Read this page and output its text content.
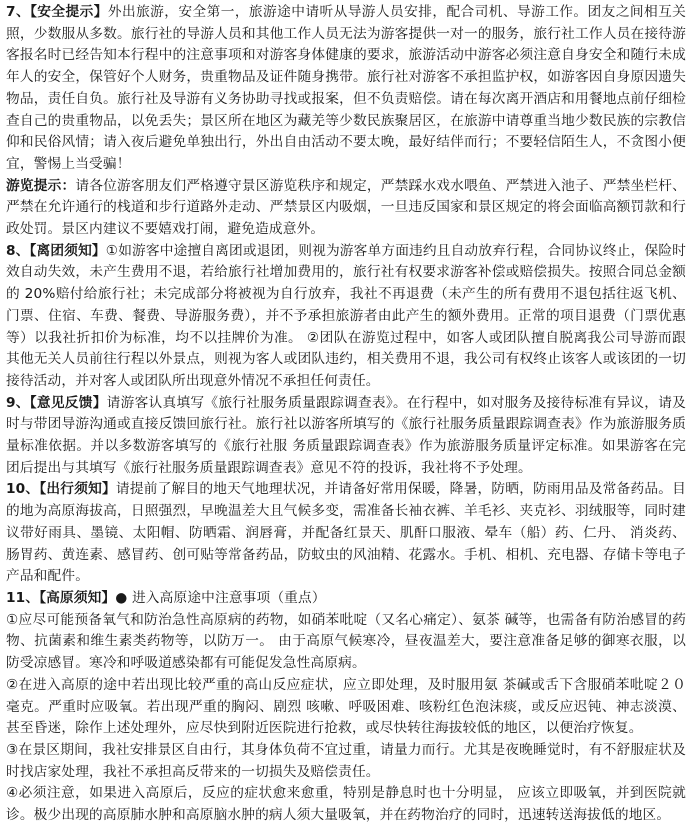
7、【安全提示】外出旅游，安全第一，旅游途中请听从导游人员安排，配合司机、导游工作。团友之间相互关照，少数服从多数。旅行社的导游人员和其他工作人员无法为游客提供一对一的服务，旅行社工作人员在接待游客报名时已经告知本行程中的注意事项和对游客身体健康的要求，旅游活动中游客必须注意自身安全和随行未成年人的安全，保管好个人财务，贵重物品及证件随身携带。旅行社对游客不承担监护权，如游客因自身原因遗失物品，责任自负。旅行社及导游有义务协助寻找或报案，但不负责赔偿。请在每次离开酒店和用餐地点前仔细检查自己的贵重物品，以免丢失；景区所在地区为藏羌等少数民族聚居区，在旅游中请尊重当地少数民族的宗教信仰和民俗风情；请入夜后避免单独出行，外出自由活动不要太晚，最好结伴而行；不要轻信陌生人，不贪图小便宜，警惕上当受骗！

游览提示：请各位游客朋友们严格遵守景区游览秩序和规定，严禁踩水戏水喂鱼、严禁进入池子、严禁坐栏杆、严禁在允许通行的栈道和步行道路外走动、严禁景区内吸烟，一旦违反国家和景区规定的将会面临高额罚款和行政处罚。景区内建议不要嬉戏打闹，避免造成意外。

8、【离团须知】①如游客中途擅自离团或退团，则视为游客单方面违约且自动放弃行程，合同协议终止，保险时效自动失效，未产生费用不退，若给旅行社增加费用的，旅行社有权要求游客补偿或赔偿损失。按照合同总金额的 20%赔付给旅行社；未完成部分将被视为自行放弃，我社不再退费（未产生的所有费用不退包括往返飞机、门票、住宿、车费、餐费、导游服务费），并不予承担旅游者由此产生的额外费用。正常的项目退费（门票优惠等）以我社折扣价为标准，均不以挂牌价为准。 ②团队在游览过程中，如客人或团队擅自脱离我公司导游而跟其他无关人员前往行程以外景点，则视为客人或团队违约，相关费用不退，我公司有权终止该客人或该团的一切接待活动，并对客人或团队所出现意外情况不承担任何责任。

9、【意见反馈】请游客认真填写《旅行社服务质量跟踪调查表》。在行程中，如对服务及接待标准有异议，请及时与带团导游沟通或直接反馈回旅行社。旅行社以游客所填写的《旅行社服务质量跟踪调查表》作为旅游服务质量标准依据。并以多数游客填写的《旅行社服 务质量跟踪调查表》作为旅游服务质量评定标准。如果游客在完团后提出与其填写《旅行社服务质量跟踪调查表》意见不符的投诉，我社将不予处理。

10、【出行须知】请提前了解目的地天气地理状况，并请备好常用保暖，降暑，防晒，防雨用品及常备药品。目的地为高原海拔高，日照强烈，早晚温差大且气候多变，需准备长袖衣裤、羊毛衫、夹克衫、羽绒服等，同时建议带好雨具、墨镜、太阳帽、防晒霜、润唇膏，并配备红景天、肌酐口服液、晕车（船）药、仁丹、 消炎药、肠胃药、黄连素、感冒药、创可贴等常备药品，防蚊虫的风油精、花露水。手机、相机、充电器、存储卡等电子产品和配件。

11、【高原须知】● 进入高原途中注意事项（重点）

①应尽可能预备氧气和防治急性高原病的药物，如硝苯吡啶（又名心痛定）、氨茶 碱等，也需备有防治感冒的药物、抗菌素和维生素类药物等，以防万一。 由于高原气候寒冷，昼夜温差大，要注意准备足够的御寒衣服，以防受凉感冒。寒冷和呼吸道感染都有可能促发急性高原病。

②在进入高原的途中若出现比较严重的高山反应症状，应立即处理，及时服用氨 茶碱或舌下含服硝苯吡啶２０毫克。严重时应吸氧。若出现严重的胸闷、剧烈 咳嗽、呼吸困难、咳粉红色泡沫痰，或反应迟钝、神志淡漠、甚至昏迷，除作上述处理外，应尽快到附近医院进行抢救，或尽快转往海拔较低的地区，以便治疗恢复。

③在景区期间，我社安排景区自由行，其身体负荷不宜过重，请量力而行。尤其是夜晚睡觉时，有不舒服症状及时找店家处理，我社不承担高反带来的一切损失及赔偿责任。

④必须注意，如果进入高原后，反应的症状愈来愈重，特别是静息时也十分明显， 应该立即吸氧，并到医院就诊。极少出现的高原肺水肿和高原脑水肿的病人须大量吸氧，并在药物治疗的同时，迅速转送海拔低的地区。
